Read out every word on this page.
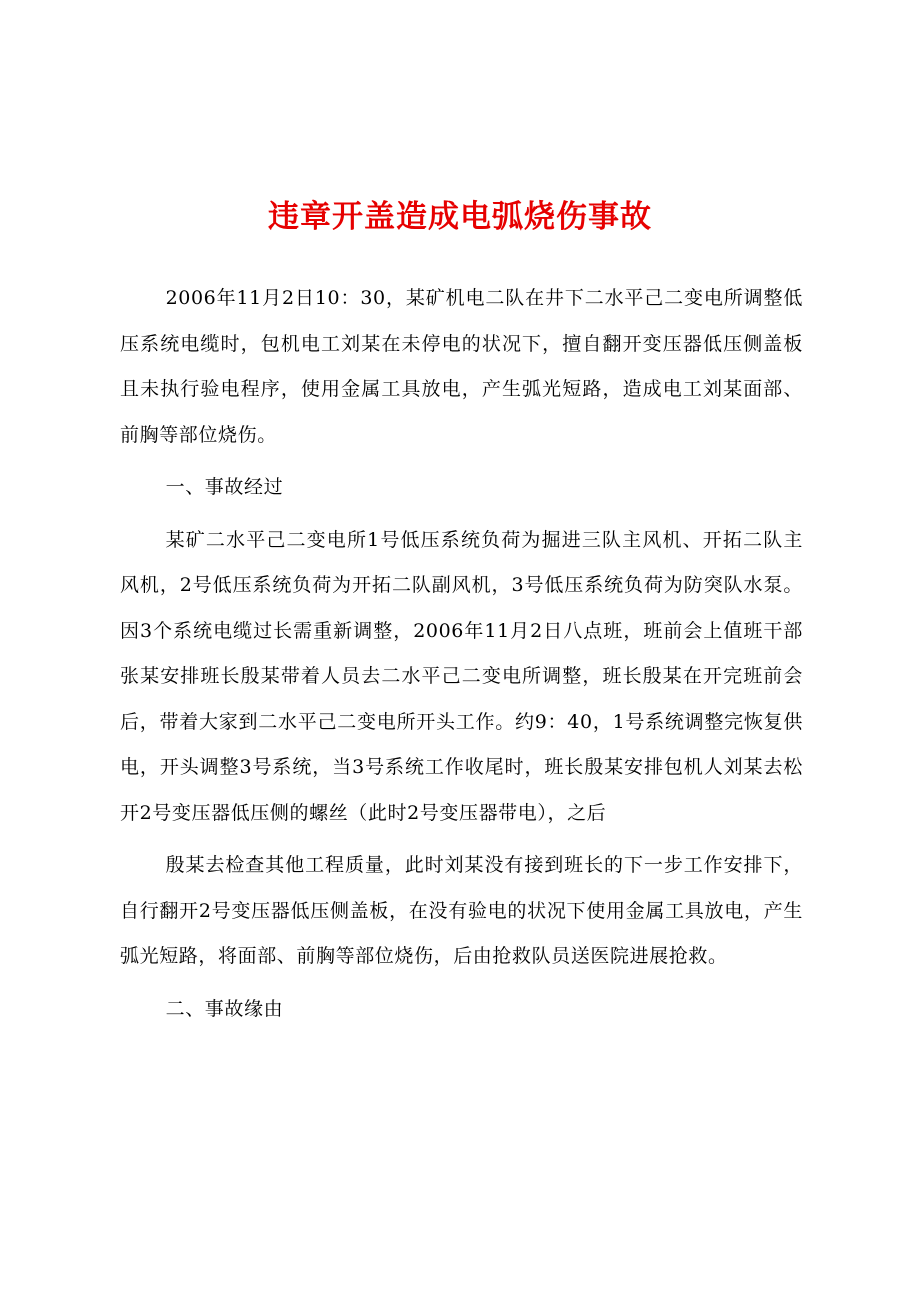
违章开盖造成电弧烧伤事故

2006年11月2日10：30，某矿机电二队在井下二水平己二变电所调整低压系统电缆时，包机电工刘某在未停电的状况下，擅自翻开变压器低压侧盖板且未执行验电程序，使用金属工具放电，产生弧光短路，造成电工刘某面部、前胸等部位烧伤。

一、事故经过

某矿二水平己二变电所1号低压系统负荷为掘进三队主风机、开拓二队主风机，2号低压系统负荷为开拓二队副风机，3号低压系统负荷为防突队水泵。因3个系统电缆过长需重新调整，2006年11月2日八点班，班前会上值班干部张某安排班长殷某带着人员去二水平己二变电所调整，班长殷某在开完班前会后，带着大家到二水平己二变电所开头工作。约9：40，1号系统调整完恢复供电，开头调整3号系统，当3号系统工作收尾时，班长殷某安排包机人刘某去松开2号变压器低压侧的螺丝（此时2号变压器带电），之后

殷某去检查其他工程质量，此时刘某没有接到班长的下一步工作安排下，自行翻开2号变压器低压侧盖板，在没有验电的状况下使用金属工具放电，产生弧光短路，将面部、前胸等部位烧伤，后由抢救队员送医院进展抢救。

二、事故缘由
